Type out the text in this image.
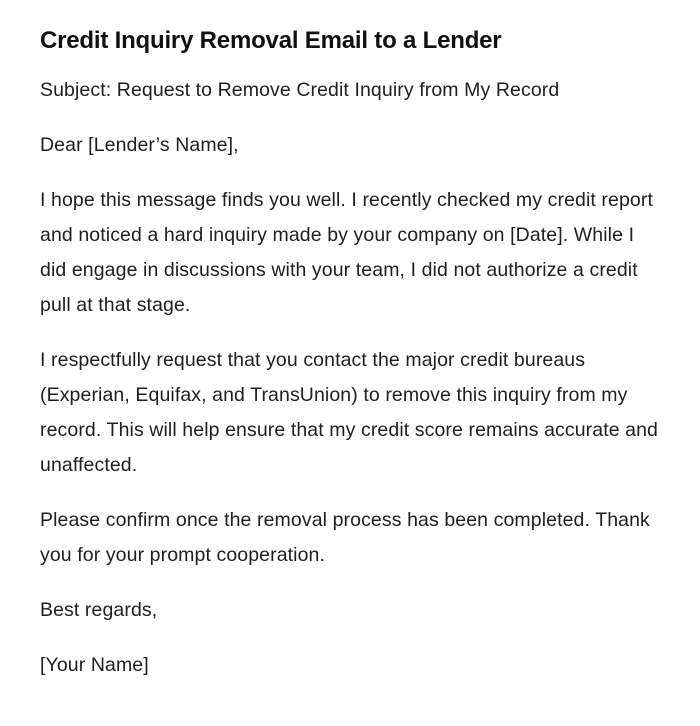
Credit Inquiry Removal Email to a Lender

Subject: Request to Remove Credit Inquiry from My Record

Dear [Lender’s Name],

I hope this message finds you well. I recently checked my credit report and noticed a hard inquiry made by your company on [Date]. While I did engage in discussions with your team, I did not authorize a credit pull at that stage.

I respectfully request that you contact the major credit bureaus (Experian, Equifax, and TransUnion) to remove this inquiry from my record. This will help ensure that my credit score remains accurate and unaffected.

Please confirm once the removal process has been completed. Thank you for your prompt cooperation.

Best regards,

[Your Name]
